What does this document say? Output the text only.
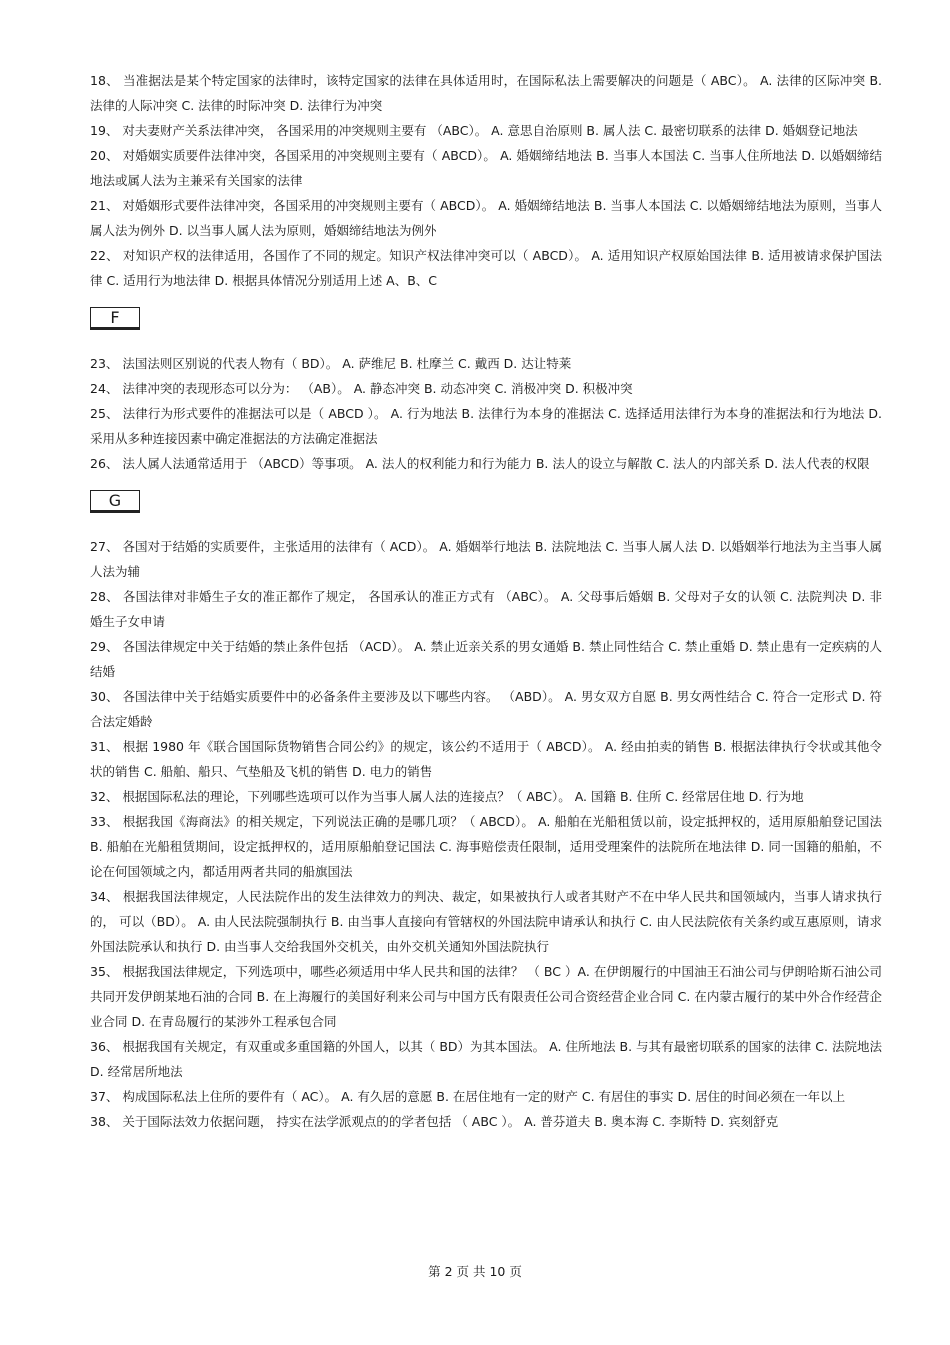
18、 当准据法是某个特定国家的法律时，该特定国家的法律在具体适用时，在国际私法上需要解决的问题是（ ABC）。 A. 法律的区际冲突 B. 法律的人际冲突 C. 法律的时际冲突 D. 法律行为冲突

19、 对夫妻财产关系法律冲突， 各国采用的冲突规则主要有 （ABC）。 A. 意思自治原则 B. 属人法 C. 最密切联系的法律 D. 婚姻登记地法

20、 对婚姻实质要件法律冲突，各国采用的冲突规则主要有（ ABCD）。 A. 婚姻缔结地法 B. 当事人本国法 C. 当事人住所地法 D. 以婚姻缔结地法或属人法为主兼采有关国家的法律

21、 对婚姻形式要件法律冲突，各国采用的冲突规则主要有（ ABCD）。 A. 婚姻缔结地法 B. 当事人本国法 C. 以婚姻缔结地法为原则，当事人属人法为例外 D. 以当事人属人法为原则，婚姻缔结地法为例外

22、 对知识产权的法律适用，各国作了不同的规定。知识产权法律冲突可以（ ABCD）。 A. 适用知识产权原始国法律 B. 适用被请求保护国法律 C. 适用行为地法律 D. 根据具体情况分别适用上述 A、B、C

F

23、 法国法则区别说的代表人物有（ BD）。 A. 萨维尼 B. 杜摩兰 C. 戴西 D. 达让特莱

24、 法律冲突的表现形态可以分为： （AB）。 A. 静态冲突 B. 动态冲突 C. 消极冲突 D. 积极冲突

25、 法律行为形式要件的准据法可以是（ ABCD ）。 A. 行为地法 B. 法律行为本身的准据法 C. 选择适用法律行为本身的准据法和行为地法 D. 采用从多种连接因素中确定准据法的方法确定准据法

26、 法人属人法通常适用于 （ABCD）等事项。 A. 法人的权利能力和行为能力 B. 法人的设立与解散 C. 法人的内部关系 D. 法人代表的权限

G

27、 各国对于结婚的实质要件，主张适用的法律有（ ACD）。 A. 婚姻举行地法 B. 法院地法 C. 当事人属人法 D. 以婚姻举行地法为主当事人属人法为辅

28、 各国法律对非婚生子女的准正都作了规定， 各国承认的准正方式有 （ABC）。 A. 父母事后婚姻 B. 父母对子女的认领 C. 法院判决 D. 非婚生子女申请

29、 各国法律规定中关于结婚的禁止条件包括 （ACD）。 A. 禁止近亲关系的男女通婚 B. 禁止同性结合 C. 禁止重婚 D. 禁止患有一定疾病的人结婚

30、 各国法律中关于结婚实质要件中的必备条件主要涉及以下哪些内容。 （ABD）。 A. 男女双方自愿 B. 男女两性结合 C. 符合一定形式 D. 符合法定婚龄

31、 根据 1980 年《联合国国际货物销售合同公约》的规定，该公约不适用于（ ABCD）。 A. 经由拍卖的销售 B. 根据法律执行令状或其他令状的销售 C. 船舶、船只、气垫船及飞机的销售 D. 电力的销售

32、 根据国际私法的理论，下列哪些选项可以作为当事人属人法的连接点？（ ABC）。 A. 国籍 B. 住所 C. 经常居住地 D. 行为地

33、 根据我国《海商法》的相关规定，下列说法正确的是哪几项？（ ABCD）。 A. 船舶在光船租赁以前，设定抵押权的，适用原船舶登记国法 B. 船舶在光船租赁期间，设定抵押权的，适用原船舶登记国法 C. 海事赔偿责任限制，适用受理案件的法院所在地法律 D. 同一国籍的船舶，不论在何国领域之内，都适用两者共同的船旗国法

34、 根据我国法律规定，人民法院作出的发生法律效力的判决、裁定，如果被执行人或者其财产不在中华人民共和国领域内，当事人请求执行的， 可以（BD）。 A. 由人民法院强制执行 B. 由当事人直接向有管辖权的外国法院申请承认和执行 C. 由人民法院依有关条约或互惠原则，请求外国法院承认和执行 D. 由当事人交给我国外交机关，由外交机关通知外国法院执行

35、 根据我国法律规定，下列选项中，哪些必须适用中华人民共和国的法律？ （ BC ）A. 在伊朗履行的中国油王石油公司与伊朗哈斯石油公司共同开发伊朗某地石油的合同 B. 在上海履行的美国好利来公司与中国方氏有限责任公司合资经营企业合同 C. 在内蒙古履行的某中外合作经营企业合同 D. 在青岛履行的某涉外工程承包合同

36、 根据我国有关规定，有双重或多重国籍的外国人，以其（ BD）为其本国法。 A. 住所地法 B. 与其有最密切联系的国家的法律 C. 法院地法 D. 经常居所地法

37、 构成国际私法上住所的要件有（ AC）。 A. 有久居的意愿 B. 在居住地有一定的财产 C. 有居住的事实 D. 居住的时间必须在一年以上

38、 关于国际法效力依据问题， 持实在法学派观点的的学者包括 （ ABC ）。 A. 普芬道夫 B. 奥本海 C. 李斯特 D. 宾刻舒克

第 2 页 共 10 页
